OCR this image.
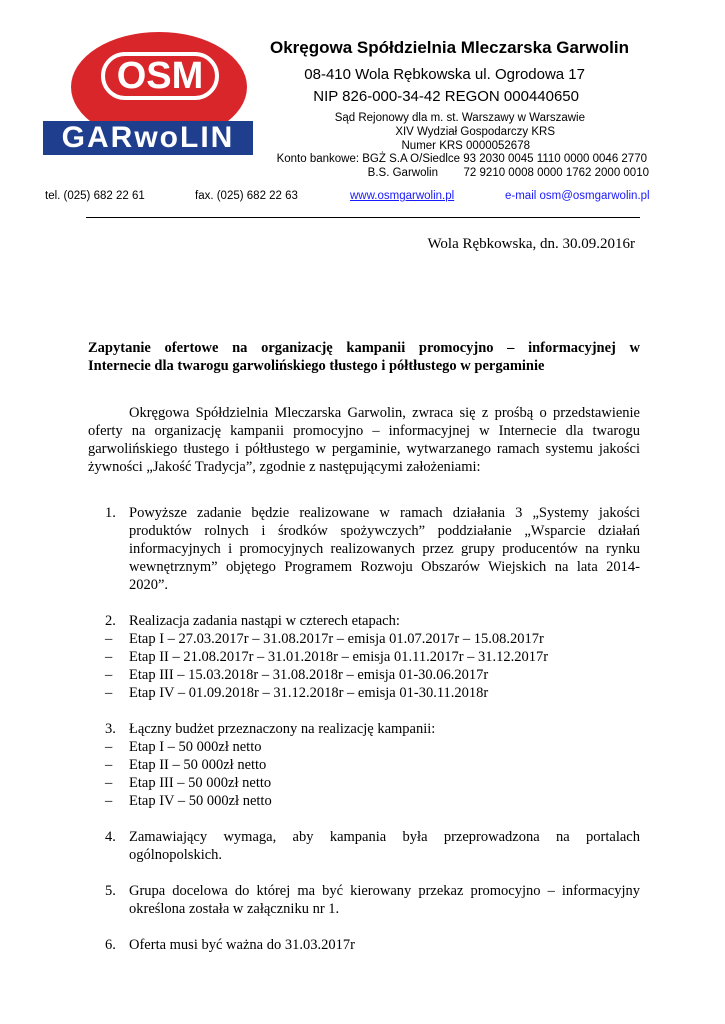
OSM
GARwoLIN
Okręgowa Spółdzielnia Mleczarska Garwolin
08-410 Wola Rębkowska ul. Ogrodowa 17
NIP 826-000-34-42 REGON 000440650
Sąd Rejonowy dla m. st. Warszawy w Warszawie
XIV Wydział Gospodarczy KRS
Numer KRS 0000052678
Konto bankowe: BGŻ S.A O/Siedlce 93 2030 0045 1110 0000 0046 2770
B.S. Garwolin        72 9210 0008 0000 1762 2000 0010
tel. (025) 682 22 61	fax. (025) 682 22 63	www.osmgarwolin.pl	e-mail osm@osmgarwolin.pl
Wola Rębkowska, dn. 30.09.2016r
Zapytanie ofertowe na organizację kampanii promocyjno – informacyjnej w
Internecie dla twarogu garwolińskiego tłustego i półtłustego w pergaminie
Okręgowa Spółdzielnia Mleczarska Garwolin, zwraca się z prośbą o przedstawienie oferty na organizację kampanii promocyjno – informacyjnej w Internecie dla twarogu garwolińskiego tłustego i półtłustego w pergaminie, wytwarzanego ramach systemu jakości żywności „Jakość Tradycja”, zgodnie z następującymi założeniami:
1. Powyższe zadanie będzie realizowane w ramach działania 3 „Systemy jakości produktów rolnych i środków spożywczych” poddziałanie „Wsparcie działań informacyjnych i promocyjnych realizowanych przez grupy producentów na rynku wewnętrznym” objętego Programem Rozwoju Obszarów Wiejskich na lata 2014-2020”.
2. Realizacja zadania nastąpi w czterech etapach:
– Etap I – 27.03.2017r – 31.08.2017r – emisja 01.07.2017r – 15.08.2017r
– Etap II – 21.08.2017r – 31.01.2018r – emisja 01.11.2017r – 31.12.2017r
– Etap III – 15.03.2018r – 31.08.2018r – emisja 01-30.06.2017r
– Etap IV – 01.09.2018r – 31.12.2018r – emisja 01-30.11.2018r
3. Łączny budżet przeznaczony na realizację kampanii:
– Etap I – 50 000zł netto
– Etap II – 50 000zł netto
– Etap III – 50 000zł netto
– Etap IV – 50 000zł netto
4. Zamawiający wymaga, aby kampania była przeprowadzona na portalach ogólnopolskich.
5. Grupa docelowa do której ma być kierowany przekaz promocyjno – informacyjny określona została w załączniku nr 1.
6. Oferta musi być ważna do 31.03.2017r
